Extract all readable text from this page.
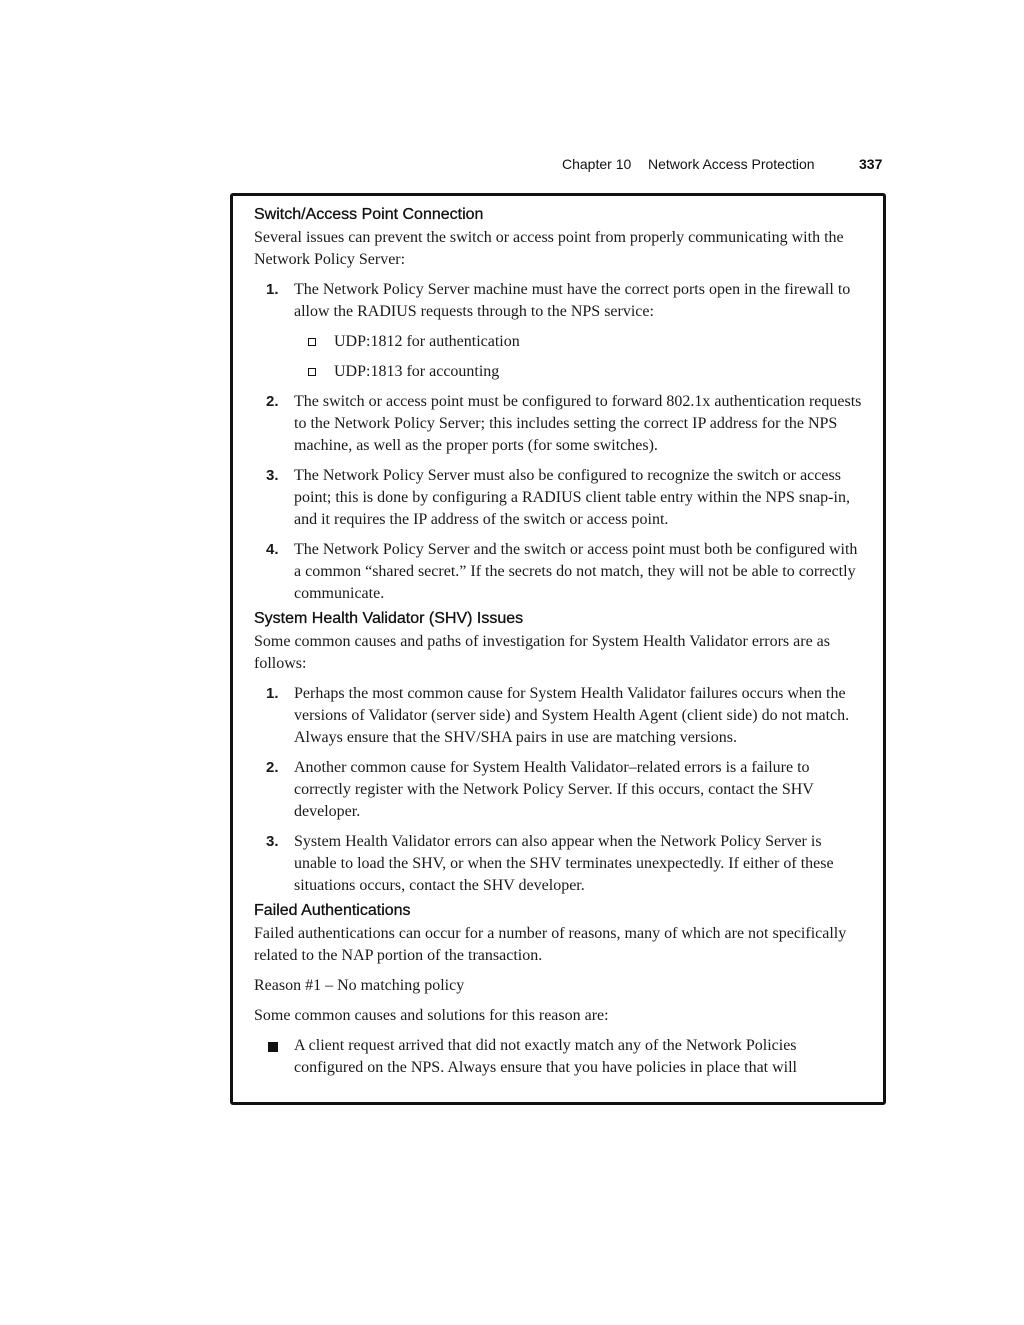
Chapter 10 Network Access Protection	337
Switch/Access Point Connection

Several issues can prevent the switch or access point from properly communicating with the Network Policy Server:

1. The Network Policy Server machine must have the correct ports open in the firewall to allow the RADIUS requests through to the NPS service:
UDP:1812 for authentication
UDP:1813 for accounting
2. The switch or access point must be configured to forward 802.1x authentication requests to the Network Policy Server; this includes setting the correct IP address for the NPS machine, as well as the proper ports (for some switches).
3. The Network Policy Server must also be configured to recognize the switch or access point; this is done by configuring a RADIUS client table entry within the NPS snap-in, and it requires the IP address of the switch or access point.
4. The Network Policy Server and the switch or access point must both be configured with a common “shared secret.” If the secrets do not match, they will not be able to correctly communicate.
System Health Validator (SHV) Issues

Some common causes and paths of investigation for System Health Validator errors are as follows:

1. Perhaps the most common cause for System Health Validator failures occurs when the versions of Validator (server side) and System Health Agent (client side) do not match. Always ensure that the SHV/SHA pairs in use are matching versions.
2. Another common cause for System Health Validator–related errors is a failure to correctly register with the Network Policy Server. If this occurs, contact the SHV developer.
3. System Health Validator errors can also appear when the Network Policy Server is unable to load the SHV, or when the SHV terminates unexpectedly. If either of these situations occurs, contact the SHV developer.
Failed Authentications

Failed authentications can occur for a number of reasons, many of which are not specifically related to the NAP portion of the transaction.

Reason #1 – No matching policy

Some common causes and solutions for this reason are:

A client request arrived that did not exactly match any of the Network Policies configured on the NPS. Always ensure that you have policies in place that will
